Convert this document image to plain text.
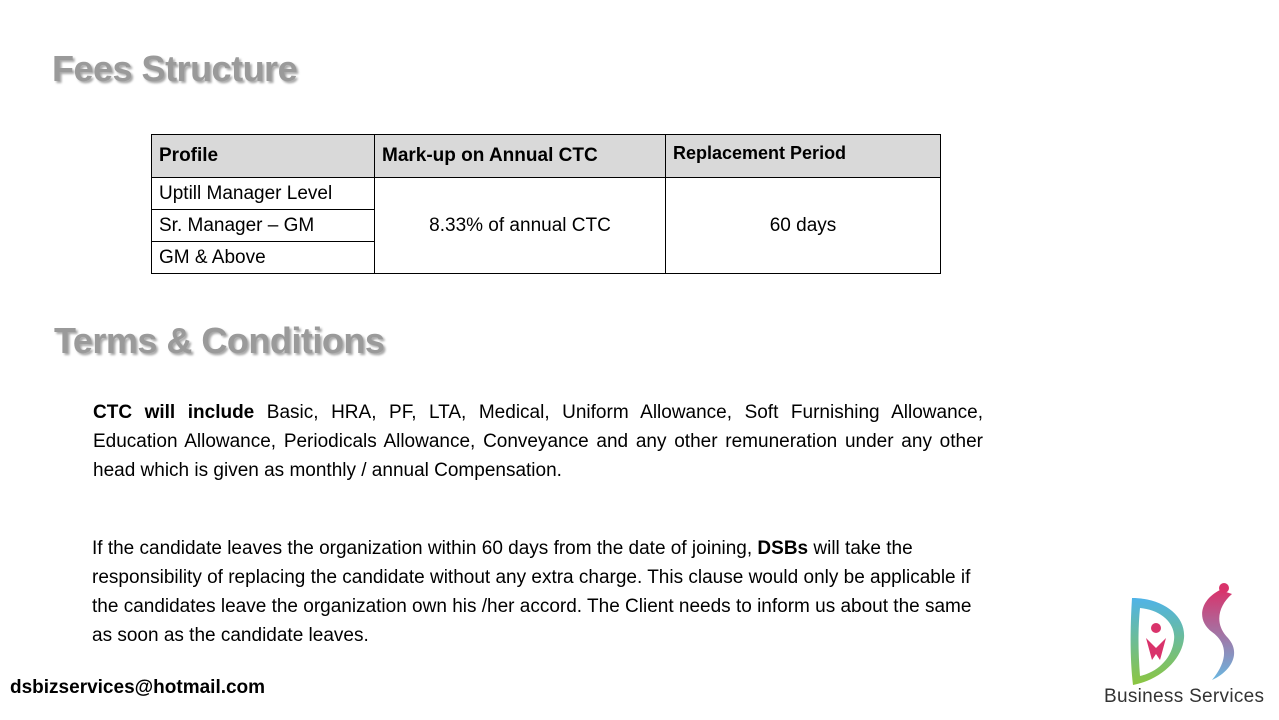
Fees Structure
Profile	Mark-up on Annual CTC	Replacement Period
Uptill Manager Level	8.33% of annual CTC	60 days
Sr. Manager – GM		
GM & Above		
Terms & Conditions

CTC will include Basic, HRA, PF, LTA, Medical, Uniform Allowance, Soft Furnishing Allowance, Education Allowance, Periodicals Allowance, Conveyance and any other remuneration under any other head which is given as monthly / annual Compensation.

If the candidate leaves the organization within 60 days from the date of joining, DSBs will take the responsibility of replacing the candidate without any extra charge. This clause would only be applicable if the candidates leave the organization own his /her accord. The Client needs to inform us about the same as soon as the candidate leaves.

dsbizservices@hotmail.com	Business Services
